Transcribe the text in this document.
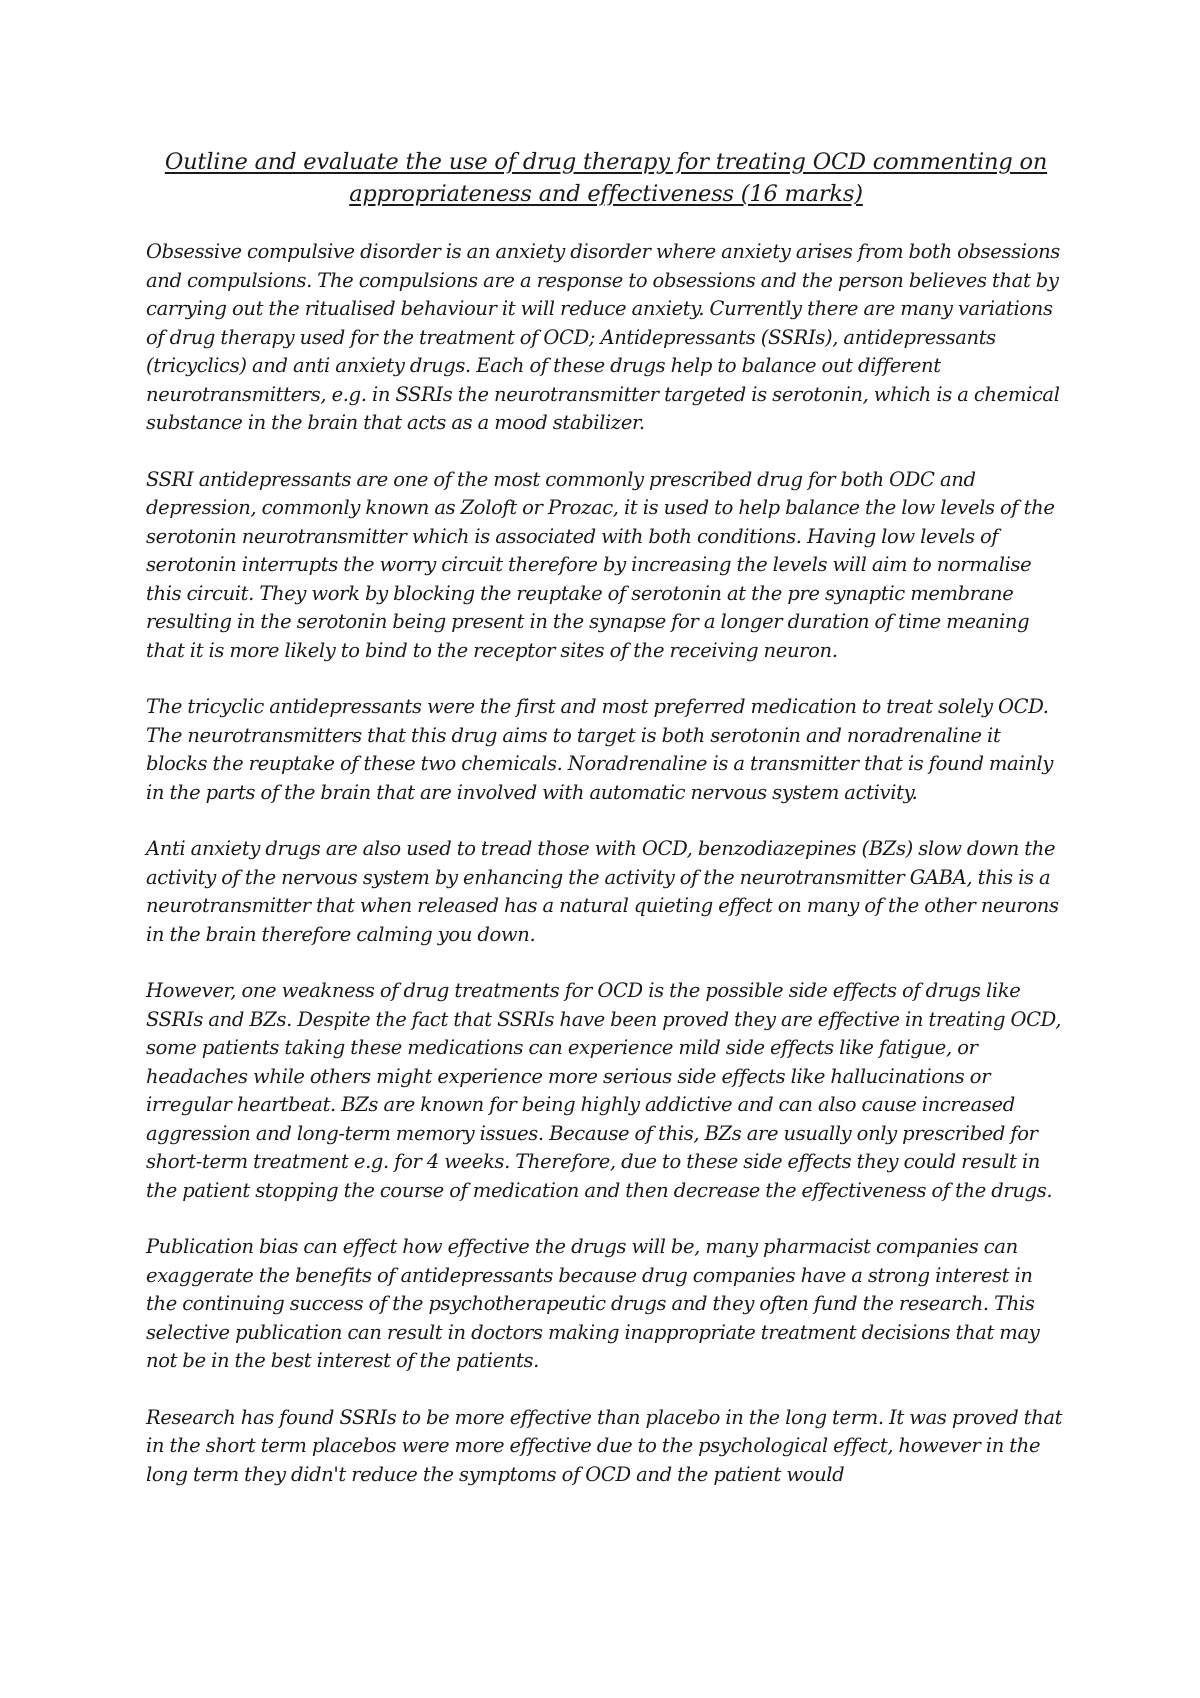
Outline and evaluate the use of drug therapy for treating OCD commenting on appropriateness and effectiveness (16 marks)

Obsessive compulsive disorder is an anxiety disorder where anxiety arises from both obsessions and compulsions. The compulsions are a response to obsessions and the person believes that by carrying out the ritualised behaviour it will reduce anxiety. Currently there are many variations of drug therapy used for the treatment of OCD; Antidepressants (SSRIs), antidepressants (tricyclics) and anti anxiety drugs. Each of these drugs help to balance out different neurotransmitters, e.g. in SSRIs the neurotransmitter targeted is serotonin, which is a chemical substance in the brain that acts as a mood stabilizer.

SSRI antidepressants are one of the most commonly prescribed drug for both ODC and depression, commonly known as Zoloft or Prozac, it is used to help balance the low levels of the serotonin neurotransmitter which is associated with both conditions. Having low levels of serotonin interrupts the worry circuit therefore by increasing the levels will aim to normalise this circuit. They work by blocking the reuptake of serotonin at the pre synaptic membrane resulting in the serotonin being present in the synapse for a longer duration of time meaning that it is more likely to bind to the receptor sites of the receiving neuron.

The tricyclic antidepressants were the first and most preferred medication to treat solely OCD. The neurotransmitters that this drug aims to target is both serotonin and noradrenaline it blocks the reuptake of these two chemicals. Noradrenaline is a transmitter that is found mainly in the parts of the brain that are involved with automatic nervous system activity.

Anti anxiety drugs are also used to tread those with OCD, benzodiazepines (BZs) slow down the activity of the nervous system by enhancing the activity of the neurotransmitter GABA, this is a neurotransmitter that when released has a natural quieting effect on many of the other neurons in the brain therefore calming you down.

However, one weakness of drug treatments for OCD is the possible side effects of drugs like SSRIs and BZs. Despite the fact that SSRIs have been proved they are effective in treating OCD, some patients taking these medications can experience mild side effects like fatigue, or headaches while others might experience more serious side effects like hallucinations or irregular heartbeat. BZs are known for being highly addictive and can also cause increased aggression and long-term memory issues. Because of this, BZs are usually only prescribed for short-term treatment e.g. for 4 weeks. Therefore, due to these side effects they could result in the patient stopping the course of medication and then decrease the effectiveness of the drugs.

Publication bias can effect how effective the drugs will be, many pharmacist companies can exaggerate the benefits of antidepressants because drug companies have a strong interest in the continuing success of the psychotherapeutic drugs and they often fund the research. This selective publication can result in doctors making inappropriate treatment decisions that may not be in the best interest of the patients.

Research has found SSRIs to be more effective than placebo in the long term. It was proved that in the short term placebos were more effective due to the psychological effect, however in the long term they didn't reduce the symptoms of OCD and the patient would
